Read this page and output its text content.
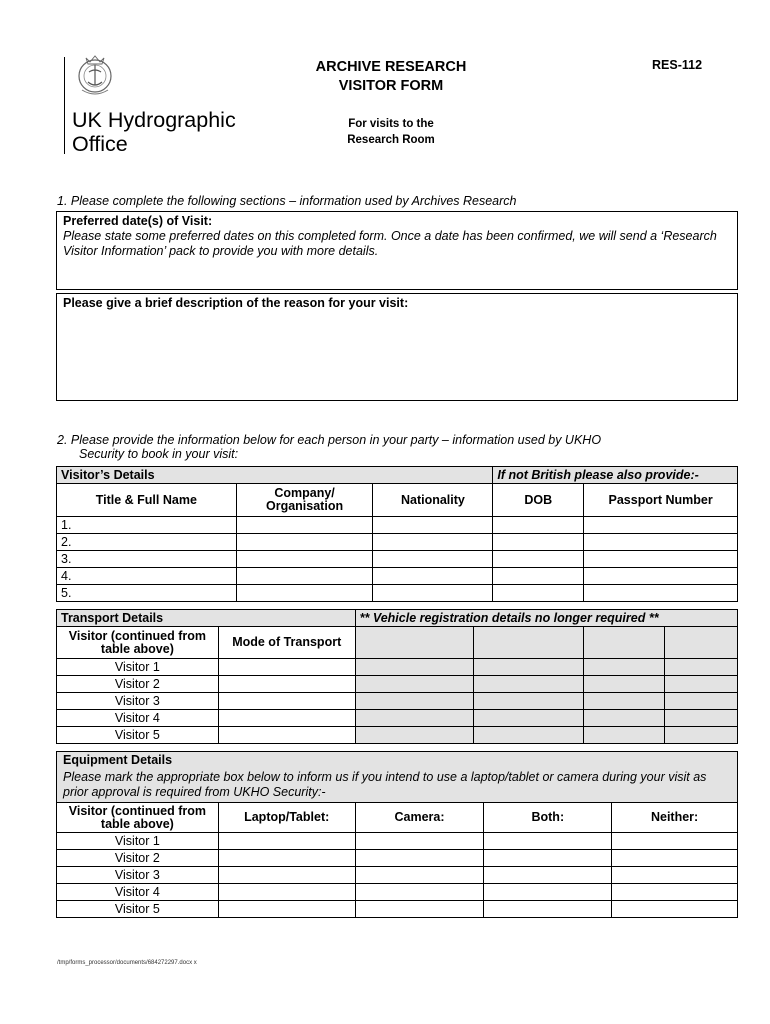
UK Hydrographic
Office
ARCHIVE RESEARCH
VISITOR FORM
RES-112
For visits to the
Research Room
1. Please complete the following sections – information used by Archives Research
Preferred date(s) of Visit:
Please state some preferred dates on this completed form. Once a date has been confirmed, we will send a ‘Research Visitor Information’ pack to provide you with more details.
Please give a brief description of the reason for your visit:
2. Please provide the information below for each person in your party – information used by UKHO
Security to book in your visit:
Visitor’s Details			If not British please also provide:-	
Title & Full Name	Company/ Organisation	Nationality	DOB	Passport Number
1.				
2.				
3.				
4.				
5.				
Transport Details		** Vehicle registration details no longer required **			
Visitor (continued from table above)	Mode of Transport				
Visitor 1					
Visitor 2					
Visitor 3					
Visitor 4					
Visitor 5					
Equipment Details
Please mark the appropriate box below to inform us if you intend to use a laptop/tablet or camera during your visit as prior approval is required from UKHO Security:-				

Visitor (continued from table above)	Laptop/Tablet:	Camera:	Both:	Neither:
Visitor 1				
Visitor 2				
Visitor 3				
Visitor 4				
Visitor 5				
/tmp/forms_processor/documents/684272297.docx x
